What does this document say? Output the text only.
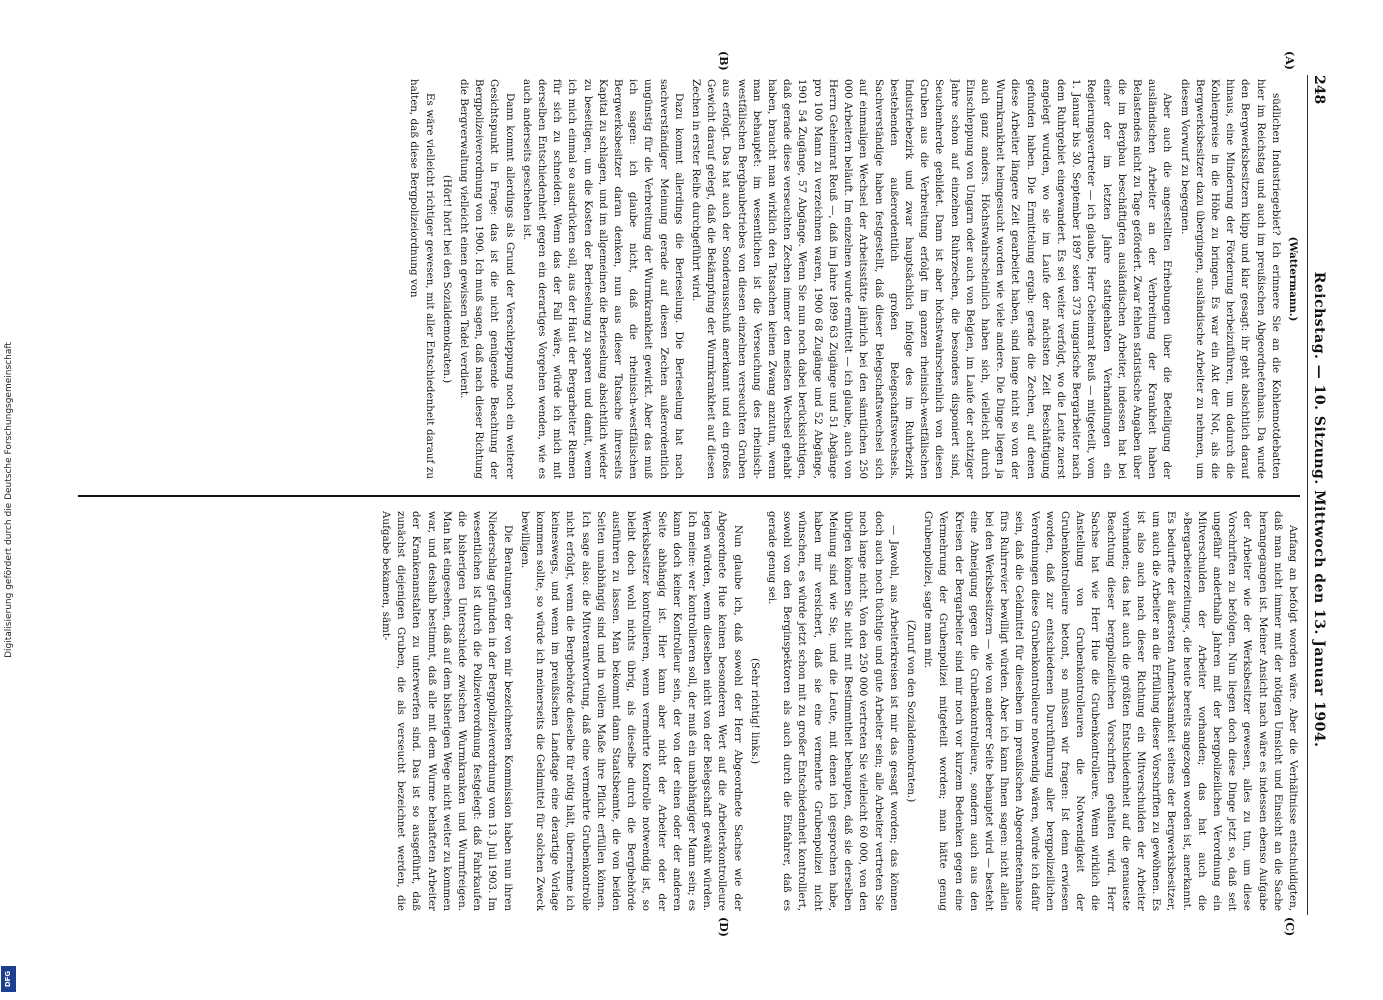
Digitalisierung gefördert durch die Deutsche Forschungsgemeinschaft
DFG
248
Reichstag. — 10. Sitzung. Mittwoch den 13. Januar 1904.
(A)
(B)
(C)
(D)

(Wattermann.)

südlichen Industriegebiet? Ich erinnere Sie an die Kohlennotdebatten hier im Reichstag und auch im preußischen Abgeordnetenhaus. Da wurde den Bergwerksbesitzern klipp und klar gesagt: ihr geht absichtlich darauf hinaus, eine Minderung der Förderung herbeizuführen, um dadurch die Kohlenpreise in die Höhe zu bringen. Es war ein Akt der Not, als die Bergwerksbesitzer dazu übergingen, ausländische Arbeiter zu nehmen, um diesem Vorwurf zu begegnen.

Aber auch die angestellten Erhebungen über die Beteiligung der ausländischen Arbeiter an der Verbreitung der Krankheit haben Belastendes nicht zu Tage gefördert. Zwar fehlen statistische Angaben über die im Bergbau beschäftigten ausländischen Arbeiter, indessen hat bei einer der im letzten Jahre stattgehabten Verhandlungen ein Regierungsvertreter — ich glaube, Herr Geheimrat Reuß — mitgeteilt, vom 1. Januar bis 30. September 1897 seien 373 ungarische Bergarbeiter nach dem Ruhrgebiet eingewandert. Es sei weiter verfolgt, wo die Leute zuerst angelegt wurden, wo sie im Laufe der nächsten Zeit Beschäftigung gefunden haben. Die Ermittelung ergab: gerade die Zechen, auf denen diese Arbeiter längere Zeit gearbeitet haben, sind lange nicht so von der Wurmkrankheit heimgesucht worden wie viele andere. Die Dinge liegen ja auch ganz anders. Höchstwahrscheinlich haben sich, vielleicht durch Einschleppung von Ungarn oder auch von Belgien, im Laufe der achtziger Jahre schon auf einzelnen Ruhrzechen, die besonders disponiert sind, Seuchenherde gebildet. Dann ist aber höchstwahrscheinlich von diesen Gruben aus die Verbreitung erfolgt im ganzen rheinisch-westfälischen Industriebezirk und zwar hauptsächlich infolge des im Ruhrbezirk bestehenden außerordentlich großen Belegschaftswechsels. Sachverständige haben festgestellt, daß dieser Belegschaftswechsel sich auf einmaligen Wechsel der Arbeitsstätte jährlich bei den sämtlichen 250 000 Arbeitern beläuft. Im einzelnen wurde ermittelt — ich glaube, auch von Herrn Geheimrat Reuß —, daß im Jahre 1899 63 Zugänge und 51 Abgänge pro 100 Mann zu verzeichnen waren, 1900 68 Zugänge und 52 Abgänge, 1901 54 Zugänge, 57 Abgänge. Wenn Sie nun noch dabei berücksichtigen, daß gerade diese verseuchten Zechen immer den meisten Wechsel gehabt haben, braucht man wirklich den Tatsachen keinen Zwang anzutun, wenn man behauptet: im wesentlichen ist die Verseuchung des rheinisch-westfälischen Bergbaubetriebes von diesen einzelnen verseuchten Gruben aus erfolgt. Das hat auch der Sonderausschuß anerkannt und ein großes Gewicht darauf gelegt, daß die Bekämpfung der Wurmkrankheit auf diesen Zechen in erster Reihe durchgeführt wird.

Dazu kommt allerdings die Berieselung. Die Berieselung hat nach sachverständiger Meinung gerade auf diesen Zechen außerordentlich ungünstig für die Verbreitung der Wurmkrankheit gewirkt. Aber das muß ich sagen: ich glaube nicht, daß die rheinisch-westfälischen Bergwerksbesitzer daran denken, nun aus dieser Tatsache ihrerseits Kapital zu schlagen, und im allgemeinen die Berieselung absichtlich wieder zu beseitigen, um die Kosten der Berieselung zu sparen und damit, wenn ich mich einmal so ausdrücken soll, aus der Haut der Bergarbeiter Riemen für sich zu schneiden. Wenn das der Fall wäre, würde ich mich mit derselben Entschiedenheit gegen ein derartiges Vorgehen wenden, wie es auch anderseits geschehen ist.

Dann kommt allerdings als Grund der Verschleppung noch ein weiterer Gesichtspunkt in Frage: das ist die nicht genügende Beachtung der Bergpolizeiverordnung von 1900. Ich muß sagen, daß nach dieser Richtung die Bergverwaltung vielleicht einen gewissen Tadel verdient.

(Hört! hört! bei den Sozialdemokraten.)

Es wäre vielleicht richtiger gewesen, mit aller Entschiedenheit darauf zu halten, daß diese Bergpolizeiordnung von

Anfang an befolgt worden wäre. Aber die Verhältnisse entschuldigten, daß man nicht immer mit der nötigen Umsicht und Einsicht an die Sache herangegangen ist. Meiner Ansicht nach wäre es indessen ebenso Aufgabe der Arbeiter wie der Werksbesitzer gewesen, alles zu tun, um diese Vorschriften zu befolgen. Nun liegen doch diese Dinge jetzt so, daß seit ungefähr anderthalb Jahren mit der bergpolizeilichen Verordnung ein Mitverschulden der Arbeiter vorhanden; das hat auch die »Bergarbeiterzeitung«, die heute bereits angezogen worden ist, anerkannt. Es bedurfte der äußersten Aufmerksamkeit seitens der Bergwerksbesitzer, um auch die Arbeiter an die Erfüllung dieser Vorschriften zu gewöhnen. Es ist also auch nach dieser Richtung ein Mitverschulden der Arbeiter vorhanden; das hat auch die größten Entschiedenheit auf die genaueste Beachtung dieser bergpolizeilichen Vorschriften gehalten wird. Herr Sachse hat wie Herr Hue die Grubenkontrolleure. Wenn wirklich die Anstellung von Grubenkontrolleuren die Notwendigkeit der Grubenkontrolleure betont, so müssen wir fragen: Ist denn erwiesen worden, daß zur entschiedenen Durchführung aller bergpolizeilichen Verordnungen diese Grubenkontrolleure notwendig wären, würde ich dafür sein, daß die Geldmittel für dieselben im preußischen Abgeordnetenhause fürs Ruhrrevier bewilligt würden. Aber ich kann Ihnen sagen: nicht allein bei den Werksbesitzern — wie von anderer Seite behauptet wird — besteht eine Abneigung gegen die Grubenkontrolleure, sondern auch aus den Kreisen der Bergarbeiter sind mir noch vor kurzem Bedenken gegen eine Vermehrung der Grubenpolizei mitgeteilt worden; man hätte genug Grubenpolizei, sagte man mir.

(Zuruf von den Sozialdemokraten.)

— Jawohl, aus Arbeiterkreisen ist mir das gesagt worden; das können doch auch noch tüchtige und gute Arbeiter sein; alle Arbeiter vertreten Sie noch lange nicht. Von den 250 000 vertreten Sie vielleicht 60 000, von den übrigen können Sie nicht mit Bestimmtheit behaupten, daß sie derselben Meinung sind wie Sie, und die Leute, mit denen ich gesprochen habe, haben mir versichert, daß sie eine vermehrte Grubenpolizei nicht wünschen, es würde jetzt schon mit zu großer Entschiedenheit kontrolliert, sowohl von den Berginspektoren als auch durch die Einfahrer, daß es gerade genug sei.

(Sehr richtig! links.)

Nun glaube ich, daß sowohl der Herr Abgeordnete Sachse wie der Abgeordnete Hue keinen besonderen Wert auf die Arbeiterkontrolleure legen würden, wenn dieselben nicht von der Belegschaft gewählt würden. Ich meine: wer kontrollieren soll, der muß ein unabhängiger Mann sein; es kann doch keiner Kontrolleur sein, der von der einen oder der anderen Seite abhängig ist. Hier kann aber nicht der Arbeiter oder der Werksbesitzer kontrollieren, wenn vermehrte Kontrolle notwendig ist, so bleibt doch wohl nichts übrig, als dieselbe durch die Bergbehörde ausführen zu lassen. Man bekommt dann Staatsbeamte, die von beiden Seiten unabhängig sind und in vollem Maße ihre Pflicht erfüllen können. Ich sage also: die Mitverantwortung, daß eine vermehrte Grubenkontrolle nicht erfolgt, wenn die Bergbehörde dieselbe für nötig hält, übernehme ich keineswegs, und wenn im preußischen Landtage eine derartige Vorlage kommen sollte, so würde ich meinerseits die Geldmittel für solchen Zweck bewilligen.

Die Beratungen der von mir bezeichneten Kommission haben nun ihren Niederschlag gefunden in der Bergpolizeiverordnung vom 13. Juli 1903. Im wesentlichen ist durch die Polizeiverordnung festgelegt: daß Fahrkaufen die bisherigen Unterschiede zwischen Wurmkranken und Wurmfreigen. Man hat eingesehen, daß auf dem bisherigen Wege nicht weiter zu kommen war, und deshalb bestimmt, daß alle mit dem Wurme behafteten Arbeiter der Krankenanstalten zu unterwerfen sind. Das ist so ausgeführt, daß zunächst diejenigen Gruben, die als verseucht bezeichnet werden, die Aufgabe bekamen, sämt-
